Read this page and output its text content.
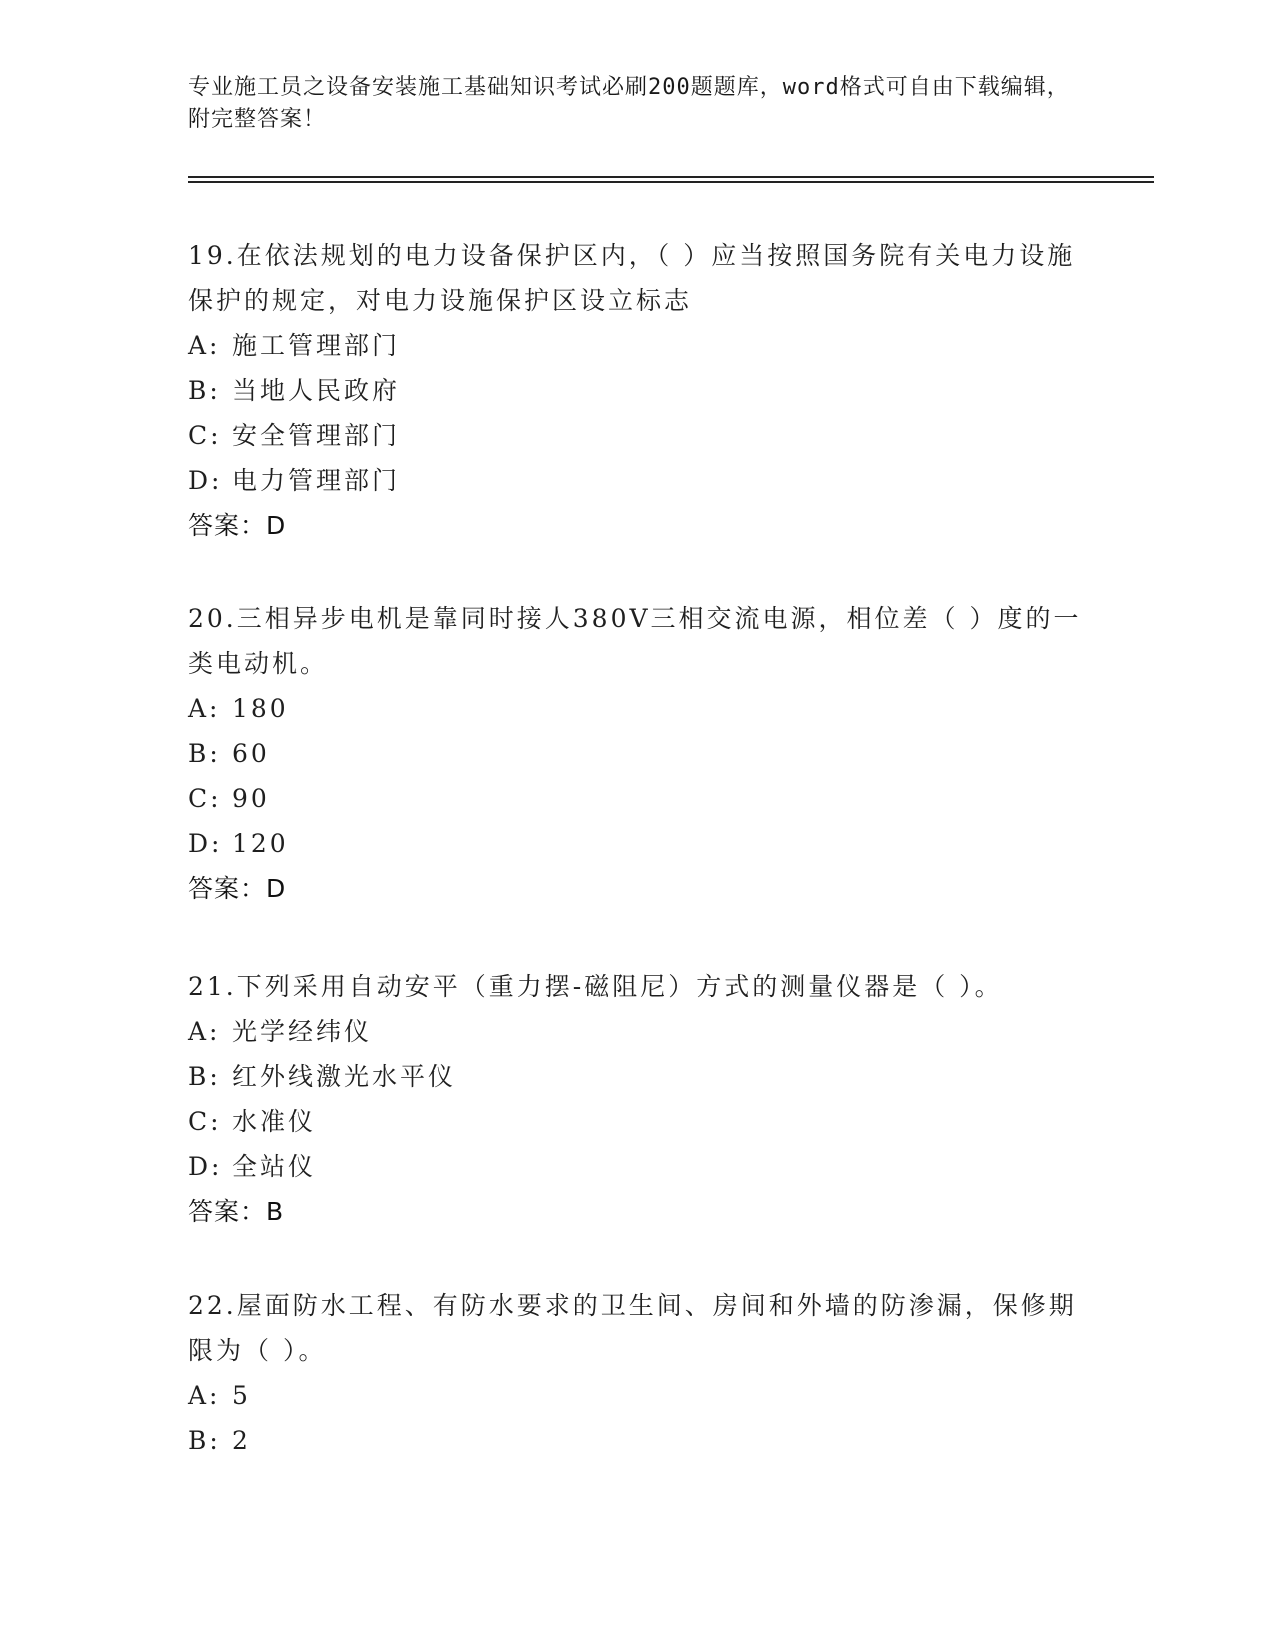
专业施工员之设备安装施工基础知识考试必刷200题题库，word格式可自由下载编辑，附完整答案！

19.在依法规划的电力设备保护区内，（ ）应当按照国务院有关电力设施保护的规定，对电力设施保护区设立标志

A: 施工管理部门

B: 当地人民政府

C: 安全管理部门

D: 电力管理部门

答案：D

20.三相异步电机是靠同时接人380V三相交流电源，相位差（ ）度的一类电动机。

A: 180

B: 60

C: 90

D: 120

答案：D

21.下列采用自动安平（重力摆-磁阻尼）方式的测量仪器是（ ）。

A: 光学经纬仪

B: 红外线激光水平仪

C: 水准仪

D: 全站仪

答案：B

22.屋面防水工程、有防水要求的卫生间、房间和外墙的防渗漏，保修期限为（ ）。

A: 5

B: 2
